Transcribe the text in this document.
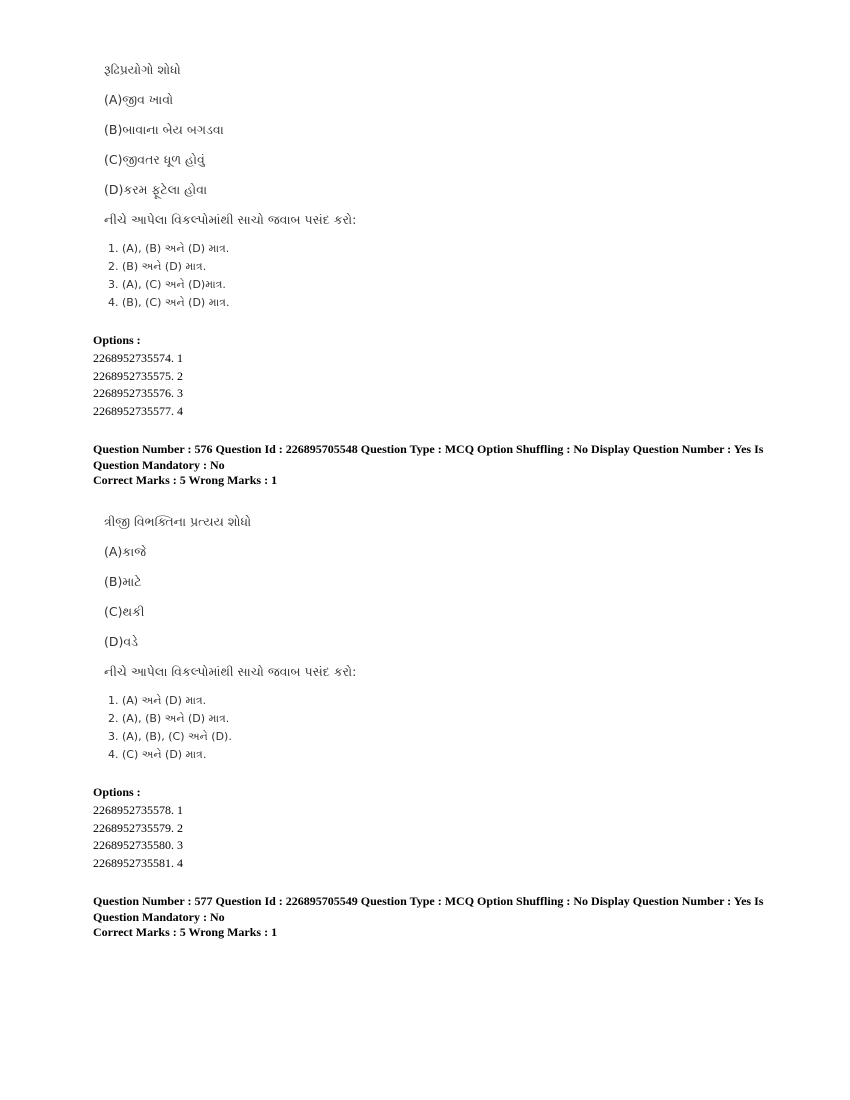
રૂઢિપ્રયોગો શોધો
(A)જીવ ખાવો
(B)બાવાના બેય બગડવા
(C)જીવતર ધૂળ હોવું
(D)કરમ ફૂટેલા હોવા
નીચે આપેલા વિકલ્પોમાંથી સાચો જવાબ પસંદ કરો:
1. (A), (B) અને (D) માત્ર.
2. (B) અને (D) માત્ર.
3. (A), (C) અને (D)માત્ર.
4. (B), (C) અને (D) માત્ર.
Options :
2268952735574. 1
2268952735575. 2
2268952735576. 3
2268952735577. 4
Question Number : 576 Question Id : 226895705548 Question Type : MCQ Option Shuffling : No Display Question Number : Yes Is Question Mandatory : No
Correct Marks : 5 Wrong Marks : 1
ત્રીજી વિભક્તિના પ્રત્યય શોધો
(A)કાજે
(B)માટે
(C)થકી
(D)વડે
નીચે આપેલા વિકલ્પોમાંથી સાચો જવાબ પસંદ કરો:
1. (A) અને (D) માત્ર.
2. (A), (B) અને (D) માત્ર.
3. (A), (B), (C) અને (D).
4. (C) અને (D) માત્ર.
Options :
2268952735578. 1
2268952735579. 2
2268952735580. 3
2268952735581. 4
Question Number : 577 Question Id : 226895705549 Question Type : MCQ Option Shuffling : No Display Question Number : Yes Is Question Mandatory : No
Correct Marks : 5 Wrong Marks : 1
